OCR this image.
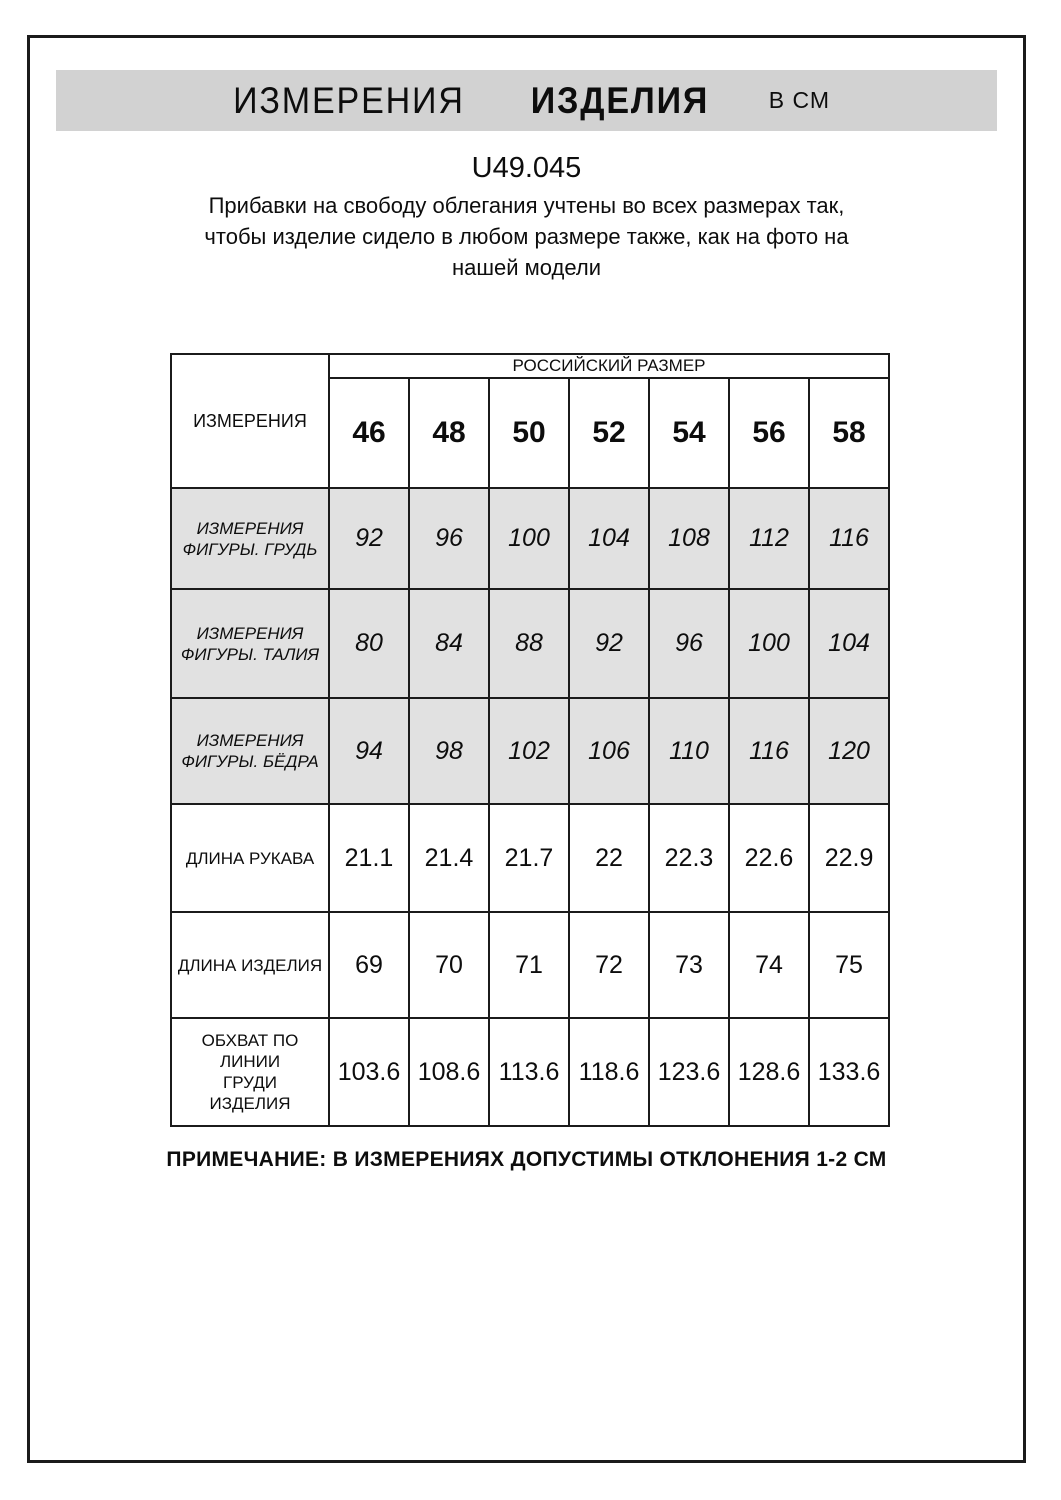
ИЗМЕРЕНИЯ ИЗДЕЛИЯ	В СМ
U49.045
Прибавки на свободу облегания учтены во всех размерах так,
чтобы изделие сидело в любом размере также, как на фото на
нашей модели
ИЗМЕРЕНИЯ	РОССИЙСКИЙ РАЗМЕР						
	46	48	50	52	54	56	58
ИЗМЕРЕНИЯ ФИГУРЫ. ГРУДЬ	92	96	100	104	108	112	116
ИЗМЕРЕНИЯ ФИГУРЫ. ТАЛИЯ	80	84	88	92	96	100	104
ИЗМЕРЕНИЯ ФИГУРЫ. БЁДРА	94	98	102	106	110	116	120
ДЛИНА РУКАВА	21.1	21.4	21.7	22	22.3	22.6	22.9
ДЛИНА ИЗДЕЛИЯ	69	70	71	72	73	74	75
ОБХВАТ ПО ЛИНИИ ГРУДИ ИЗДЕЛИЯ	103.6	108.6	113.6	118.6	123.6	128.6	133.6
ПРИМЕЧАНИЕ: В ИЗМЕРЕНИЯХ ДОПУСТИМЫ ОТКЛОНЕНИЯ 1-2 СМ
